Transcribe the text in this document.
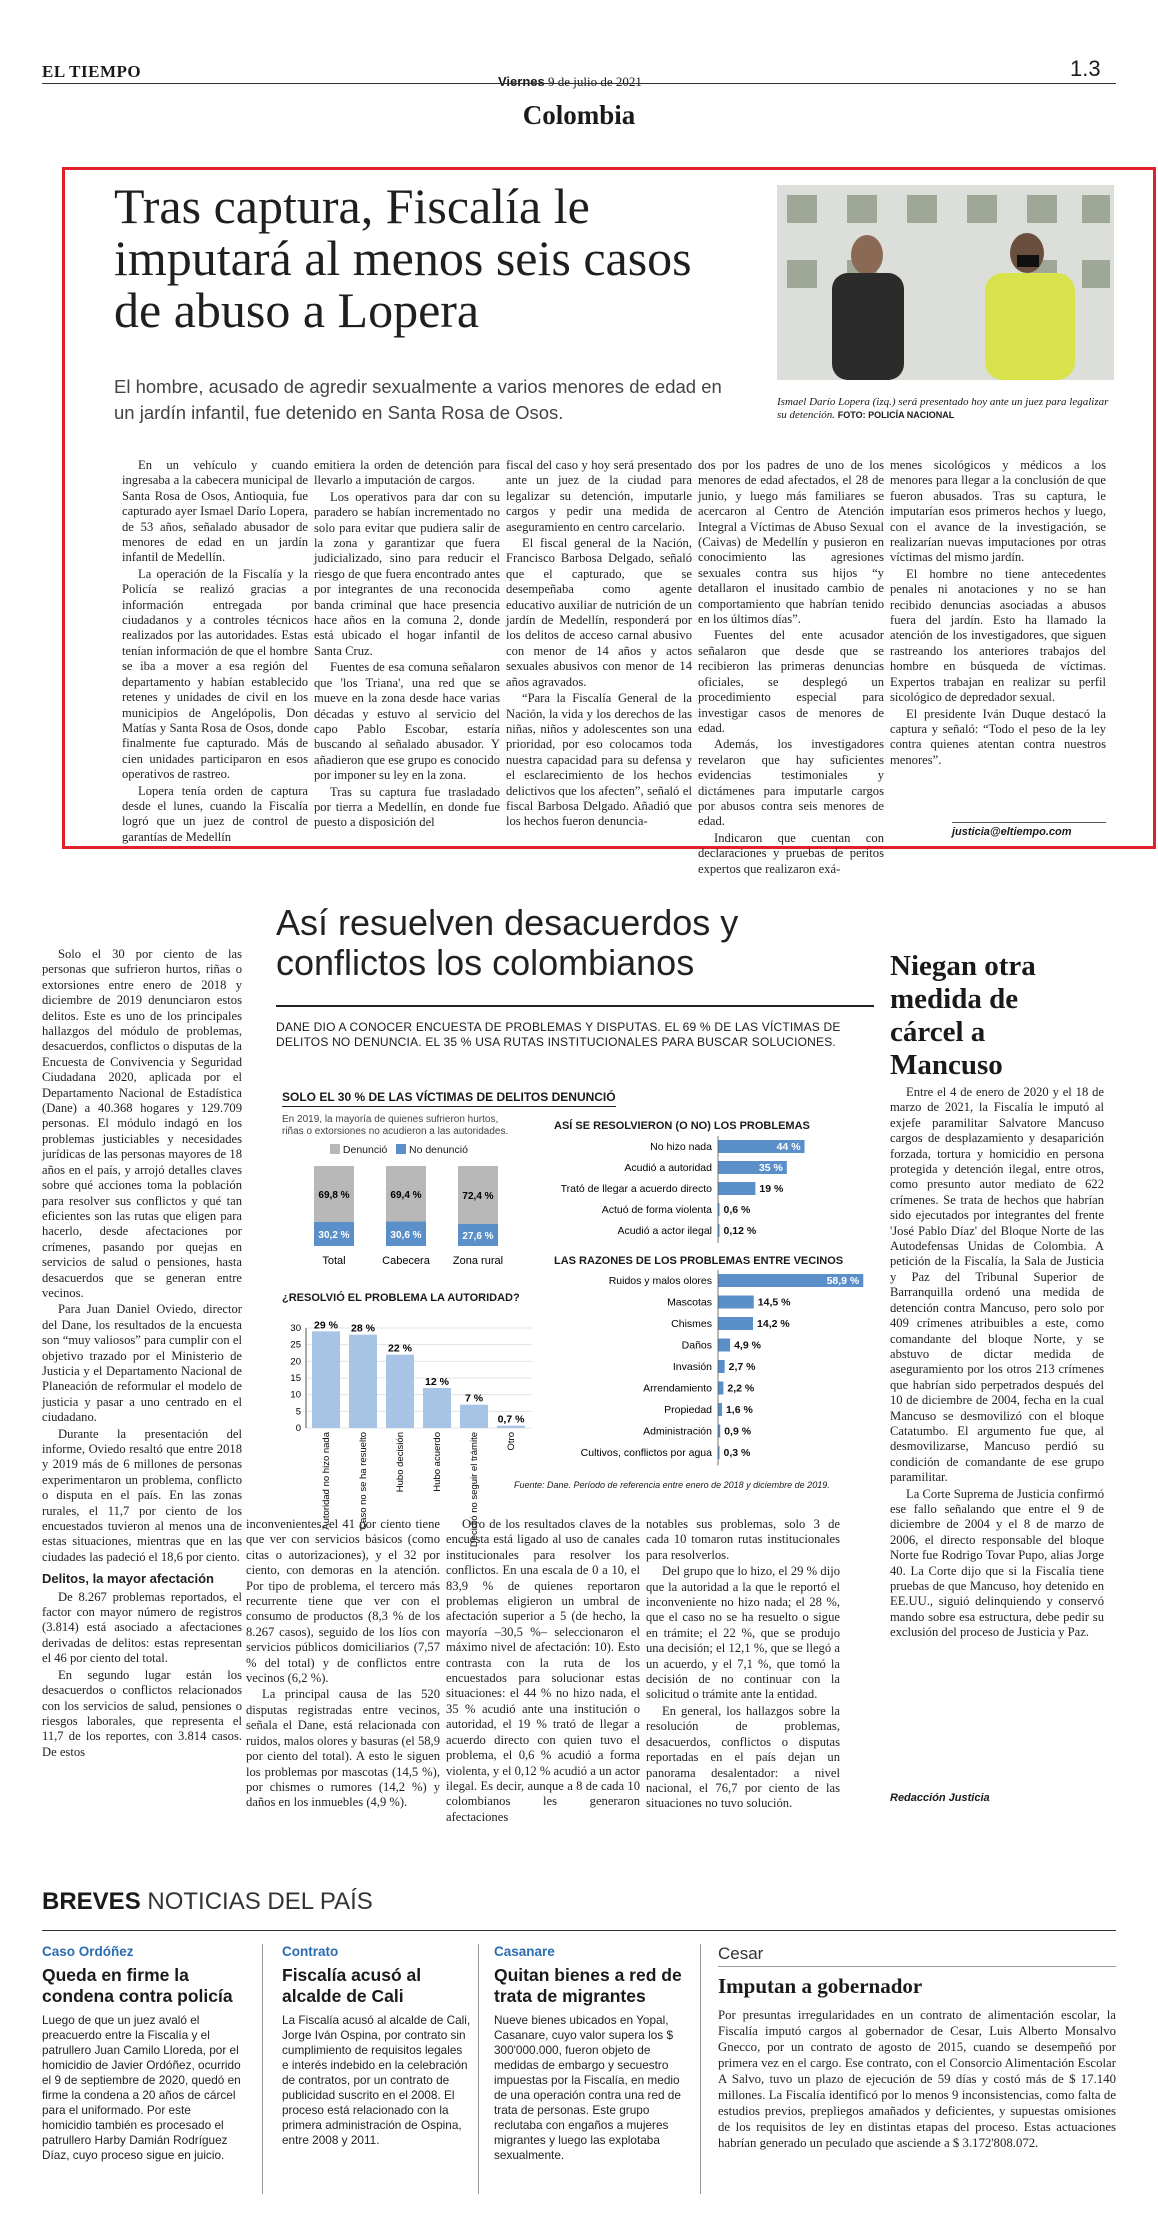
EL TIEMPO
Viernes 9 de julio de 2021
1.3
Colombia
Tras captura, Fiscalía le imputará al menos seis casos de abuso a Lopera
El hombre, acusado de agredir sexualmente a varios menores de edad en un jardín infantil, fue detenido en Santa Rosa de Osos.	Ismael Darío Lopera (izq.) será presentado hoy ante un juez para legalizar su detención. FOTO: POLICÍA NACIONAL

En un vehículo y cuando ingresaba a la cabecera municipal de Santa Rosa de Osos, Antioquia, fue capturado ayer Ismael Darío Lopera, de 53 años, señalado abusador de menores de edad en un jardín infantil de Medellín.

La operación de la Fiscalía y la Policía se realizó gracias a información entregada por ciudadanos y a controles técnicos realizados por las autoridades. Estas tenían información de que el hombre se iba a mover a esa región del departamento y habían establecido retenes y unidades de civil en los municipios de Angelópolis, Don Matías y Santa Rosa de Osos, donde finalmente fue capturado. Más de cien unidades participaron en esos operativos de rastreo.

Lopera tenía orden de captura desde el lunes, cuando la Fiscalía logró que un juez de control de garantías de Medellín

emitiera la orden de detención para llevarlo a imputación de cargos.

Los operativos para dar con su paradero se habían incrementado no solo para evitar que pudiera salir de la zona y garantizar que fuera judicializado, sino para reducir el riesgo de que fuera encontrado antes por integrantes de una reconocida banda criminal que hace presencia hace años en la comuna 2, donde está ubicado el hogar infantil de Santa Cruz.

Fuentes de esa comuna señalaron que 'los Triana', una red que se mueve en la zona desde hace varias décadas y estuvo al servicio del capo Pablo Escobar, estaría buscando al señalado abusador. Y añadieron que ese grupo es conocido por imponer su ley en la zona.

Tras su captura fue trasladado por tierra a Medellín, en donde fue puesto a disposición del

fiscal del caso y hoy será presentado ante un juez de la ciudad para legalizar su detención, imputarle cargos y pedir una medida de aseguramiento en centro carcelario.

El fiscal general de la Nación, Francisco Barbosa Delgado, señaló que el capturado, que se desempeñaba como agente educativo auxiliar de nutrición de un jardín de Medellín, responderá por los delitos de acceso carnal abusivo con menor de 14 años y actos sexuales abusivos con menor de 14 años agravados.

“Para la Fiscalía General de la Nación, la vida y los derechos de las niñas, niños y adolescentes son una prioridad, por eso colocamos toda nuestra capacidad para su defensa y el esclarecimiento de los hechos delictivos que los afecten”, señaló el fiscal Barbosa Delgado. Añadió que los hechos fueron denuncia-

dos por los padres de uno de los menores de edad afectados, el 28 de junio, y luego más familiares se acercaron al Centro de Atención Integral a Víctimas de Abuso Sexual (Caivas) de Medellín y pusieron en conocimiento las agresiones sexuales contra sus hijos “y detallaron el inusitado cambio de comportamiento que habrían tenido en los últimos días”.

Fuentes del ente acusador señalaron que desde que se recibieron las primeras denuncias oficiales, se desplegó un procedimiento especial para investigar casos de menores de edad.

Además, los investigadores revelaron que hay suficientes evidencias testimoniales y dictámenes para imputarle cargos por abusos contra seis menores de edad.

Indicaron que cuentan con declaraciones y pruebas de peritos expertos que realizaron exá-

menes sicológicos y médicos a los menores para llegar a la conclusión de que fueron abusados. Tras su captura, le imputarían esos primeros hechos y luego, con el avance de la investigación, se realizarían nuevas imputaciones por otras víctimas del mismo jardín.

El hombre no tiene antecedentes penales ni anotaciones y no se han recibido denuncias asociadas a abusos fuera del jardín. Esto ha llamado la atención de los investigadores, que siguen rastreando los anteriores trabajos del hombre en búsqueda de víctimas. Expertos trabajan en realizar su perfil sicológico de depredador sexual.

El presidente Iván Duque destacó la captura y señaló: “Todo el peso de la ley contra quienes atentan contra nuestros menores”.

justicia@eltiempo.com
Así resuelven desacuerdos y conflictos los colombianos
DANE DIO A CONOCER ENCUESTA DE PROBLEMAS Y DISPUTAS. EL 69 % DE LAS VÍCTIMAS DE DELITOS NO DENUNCIA. EL 35 % USA RUTAS INSTITUCIONALES PARA BUSCAR SOLUCIONES.

Solo el 30 por ciento de las personas que sufrieron hurtos, riñas o extorsiones entre enero de 2018 y diciembre de 2019 denunciaron estos delitos. Este es uno de los principales hallazgos del módulo de problemas, desacuerdos, conflictos o disputas de la Encuesta de Convivencia y Seguridad Ciudadana 2020, aplicada por el Departamento Nacional de Estadística (Dane) a 40.368 hogares y 129.709 personas. El módulo indagó en los problemas justiciables y necesidades jurídicas de las personas mayores de 18 años en el país, y arrojó detalles claves sobre qué acciones toma la población para resolver sus conflictos y qué tan eficientes son las rutas que eligen para hacerlo, desde afectaciones por crímenes, pasando por quejas en servicios de salud o pensiones, hasta desacuerdos que se generan entre vecinos.

Para Juan Daniel Oviedo, director del Dane, los resultados de la encuesta son “muy valiosos” para cumplir con el objetivo trazado por el Ministerio de Justicia y el Departamento Nacional de Planeación de reformular el modelo de justicia y pasar a uno centrado en el ciudadano.

Durante la presentación del informe, Oviedo resaltó que entre 2018 y 2019 más de 6 millones de personas experimentaron un problema, conflicto o disputa en el país. En las zonas rurales, el 11,7 por ciento de los encuestados tuvieron al menos una de estas situaciones, mientras que en las ciudades las padeció el 18,6 por ciento.

Delitos, la mayor afectación

De 8.267 problemas reportados, el factor con mayor número de registros (3.814) está asociado a afectaciones derivadas de delitos: estas representan el 46 por ciento del total.

En segundo lugar están los desacuerdos o conflictos relacionados con los servicios de salud, pensiones o riesgos laborales, que representa el 11,7 de los reportes, con 3.814 casos. De estos

SOLO EL 30 % DE LAS VÍCTIMAS DE DELITOS DENUNCIÓ
En 2019, la mayoría de quienes sufrieron hurtos, riñas o extorsiones no acudieron a las autoridades.
Denunció No denunció
69,8 %
30,2 %
Total
69,4 %
30,6 %
Cabecera
72,4 %
27,6 %
Zona rural
¿RESOLVIÓ EL PROBLEMA LA AUTORIDAD?
0
5
10
15
20
25
30 29 %
Autoridad no hizo nada
28 %
Caso no se ha resuelto
22 %
Hubo decisión
12 %
Hubo acuerdo
7 %
Decidió no seguir el trámite
0,7 %
Otro
ASÍ SE RESOLVIERON (O NO) LOS PROBLEMAS
No hizo nada	44 %
Acudió a autoridad	35 %
Trató de llegar a acuerdo directo	19 %
Actuó de forma violenta 0,6 %
Acudió a actor ilegal 0,12 %
LAS RAZONES DE LOS PROBLEMAS ENTRE VECINOS
Ruidos y malos olores	58,9 %
Mascotas	14,5 %
Chismes	14,2 %
Daños 4,9 %
Invasión 2,7 %
Arrendamiento 2,2 %
Propiedad 1,6 %
Administración 0,9 %
Cultivos, conflictos por agua 0,3 %
Fuente: Dane. Período de referencia entre enero de 2018 y diciembre de 2019.

inconvenientes, el 41 por ciento tiene que ver con servicios básicos (como citas o autorizaciones), y el 32 por ciento, con demoras en la atención. Por tipo de problema, el tercero más recurrente tiene que ver con el consumo de productos (8,3 % de los 8.267 casos), seguido de los líos con servicios públicos domiciliarios (7,57 % del total) y de conflictos entre vecinos (6,2 %).

La principal causa de las 520 disputas registradas entre vecinos, señala el Dane, está relacionada con ruidos, malos olores y basuras (el 58,9 por ciento del total). A esto le siguen los problemas por mascotas (14,5 %), por chismes o rumores (14,2 %) y daños en los inmuebles (4,9 %).

Otro de los resultados claves de la encuesta está ligado al uso de canales institucionales para resolver los conflictos. En una escala de 0 a 10, el 83,9 % de quienes reportaron problemas eligieron un umbral de afectación superior a 5 (de hecho, la mayoría –30,5 %– seleccionaron el máximo nivel de afectación: 10). Esto contrasta con la ruta de los encuestados para solucionar estas situaciones: el 44 % no hizo nada, el 35 % acudió ante una institución o autoridad, el 19 % trató de llegar a acuerdo directo con quien tuvo el problema, el 0,6 % acudió a forma violenta, y el 0,12 % acudió a un actor ilegal. Es decir, aunque a 8 de cada 10 colombianos les generaron afectaciones

notables sus problemas, solo 3 de cada 10 tomaron rutas institucionales para resolverlos.

Del grupo que lo hizo, el 29 % dijo que la autoridad a la que le reportó el inconveniente no hizo nada; el 28 %, que el caso no se ha resuelto o sigue en trámite; el 22 %, que se produjo una decisión; el 12,1 %, que se llegó a un acuerdo, y el 7,1 %, que tomó la decisión de no continuar con la solicitud o trámite ante la entidad.

En general, los hallazgos sobre la resolución de problemas, desacuerdos, conflictos o disputas reportadas en el país dejan un panorama desalentador: a nivel nacional, el 76,7 por ciento de las situaciones no tuvo solución.

Niegan otra medida de cárcel a Mancuso

Entre el 4 de enero de 2020 y el 18 de marzo de 2021, la Fiscalía le imputó al exjefe paramilitar Salvatore Mancuso cargos de desplazamiento y desaparición forzada, tortura y homicidio en persona protegida y detención ilegal, entre otros, como presunto autor mediato de 622 crímenes. Se trata de hechos que habrían sido ejecutados por integrantes del frente 'José Pablo Díaz' del Bloque Norte de las Autodefensas Unidas de Colombia. A petición de la Fiscalía, la Sala de Justicia y Paz del Tribunal Superior de Barranquilla ordenó una medida de detención contra Mancuso, pero solo por 409 crímenes atribuibles a este, como comandante del bloque Norte, y se abstuvo de dictar medida de aseguramiento por los otros 213 crímenes que habrían sido perpetrados después del 10 de diciembre de 2004, fecha en la cual Mancuso se desmovilizó con el bloque Catatumbo. El argumento fue que, al desmovilizarse, Mancuso perdió su condición de comandante de ese grupo paramilitar.

La Corte Suprema de Justicia confirmó ese fallo señalando que entre el 9 de diciembre de 2004 y el 8 de marzo de 2006, el directo responsable del bloque Norte fue Rodrigo Tovar Pupo, alias Jorge 40. La Corte dijo que si la Fiscalía tiene pruebas de que Mancuso, hoy detenido en EE.UU., siguió delinquiendo y conservó mando sobre esa estructura, debe pedir su exclusión del proceso de Justicia y Paz.

Redacción Justicia
BREVES NOTICIAS DEL PAÍS
Caso Ordóñez
Queda en firme la condena contra policía
Luego de que un juez avaló el preacuerdo entre la Fiscalía y el patrullero Juan Camilo Lloreda, por el homicidio de Javier Ordóñez, ocurrido el 9 de septiembre de 2020, quedó en firme la condena a 20 años de cárcel para el uniformado. Por este homicidio también es procesado el patrullero Harby Damián Rodríguez Díaz, cuyo proceso sigue en juicio.
Contrato
Fiscalía acusó al alcalde de Cali
La Fiscalía acusó al alcalde de Cali, Jorge Iván Ospina, por contrato sin cumplimiento de requisitos legales e interés indebido en la celebración de contratos, por un contrato de publicidad suscrito en el 2008. El proceso está relacionado con la primera administración de Ospina, entre 2008 y 2011.
Casanare
Quitan bienes a red de trata de migrantes
Nueve bienes ubicados en Yopal, Casanare, cuyo valor supera los $ 300'000.000, fueron objeto de medidas de embargo y secuestro impuestas por la Fiscalía, en medio de una operación contra una red de trata de personas. Este grupo reclutaba con engaños a mujeres migrantes y luego las explotaba sexualmente.
Cesar
Imputan a gobernador
Por presuntas irregularidades en un contrato de alimentación escolar, la Fiscalía imputó cargos al gobernador de Cesar, Luis Alberto Monsalvo Gnecco, por un contrato de agosto de 2015, cuando se desempeñó por primera vez en el cargo. Ese contrato, con el Consorcio Alimentación Escolar A Salvo, tuvo un plazo de ejecución de 59 días y costó más de $ 17.140 millones. La Fiscalía identificó por lo menos 9 inconsistencias, como falta de estudios previos, prepliegos amañados y deficientes, y supuestas omisiones de los requisitos de ley en distintas etapas del proceso. Estas actuaciones habrían generado un peculado que asciende a $ 3.172'808.072.
